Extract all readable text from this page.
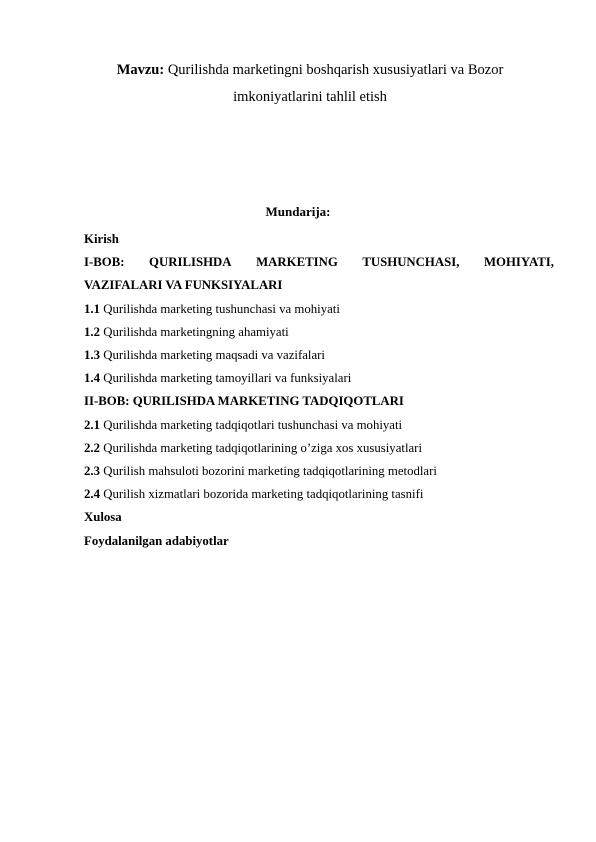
Mavzu: Qurilishda marketingni boshqarish xususiyatlari va Bozor
imkoniyatlarini tahlil etish
Mundarija:
Kirish
I-BOB: QURILISHDA MARKETING TUSHUNCHASI, MOHIYATI,
VAZIFALARI VA FUNKSIYALARI
1.1 Qurilishda marketing tushunchasi va mohiyati
1.2 Qurilishda marketingning ahamiyati
1.3 Qurilishda marketing maqsadi va vazifalari
1.4 Qurilishda marketing tamoyillari va funksiyalari
II-BOB: QURILISHDA MARKETING TADQIQOTLARI
2.1 Qurilishda marketing tadqiqotlari tushunchasi va mohiyati
2.2 Qurilishda marketing tadqiqotlarining o’ziga xos xususiyatlari
2.3 Qurilish mahsuloti bozorini marketing tadqiqotlarining metodlari
2.4 Qurilish xizmatlari bozorida marketing tadqiqotlarining tasnifi
Xulosa
Foydalanilgan adabiyotlar
